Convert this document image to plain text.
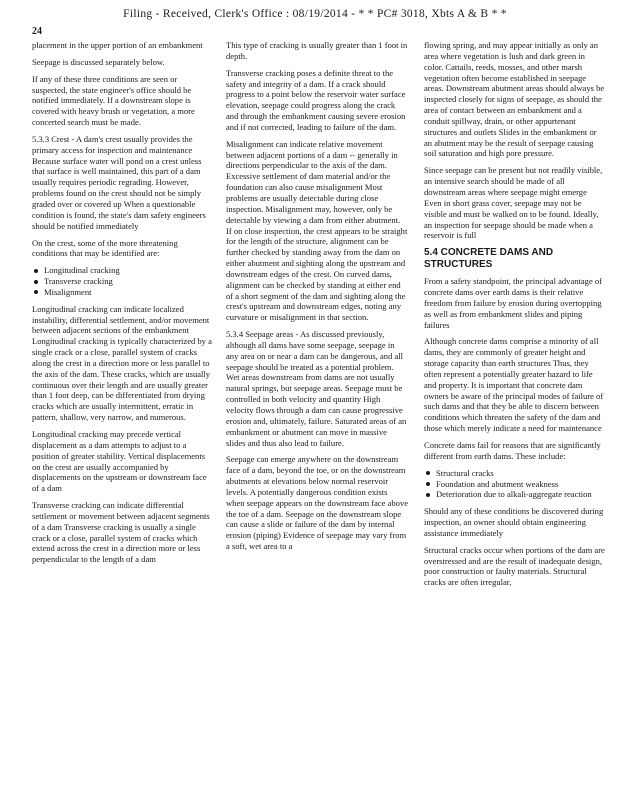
Filing - Received, Clerk's Office : 08/19/2014 - * * PC# 3018, Xbts A & B * *
24

placement in the upper portion of an embankment

Seepage is discussed separately below.

If any of these three conditions are seen or suspected, the state engineer's office should be notified immediately. If a downstream slope is covered with heavy brush or vegetation, a more concerted search must be made.

5.3.3 Crest - A dam's crest usually provides the primary access for inspection and maintenance Because surface water will pond on a crest unless that surface is well maintained, this part of a dam usually requires periodic regrading. However, problems found on the crest should not be simply graded over or covered up When a questionable condition is found, the state's dam safety engineers should be notified immediately

On the crest, some of the more threatening conditions that may be identified are:

Longitudinal cracking
Transverse cracking
Misalignment

Longitudinal cracking can indicate localized instability, differential settlement, and/or movement between adjacent sections of the embankment Longitudinal cracking is typically characterized by a single crack or a close, parallel system of cracks along the crest in a direction more or less parallel to the axis of the dam. These cracks, which are usually continuous over their length and are usually greater than 1 foot deep, can be differentiated from drying cracks which are usually intermittent, erratic in pattern, shallow, very narrow, and numerous.

Longitudinal cracking may precede vertical displacement as a dam attempts to adjust to a position of greater stability. Vertical displacements on the crest are usually accompanied by displacements on the upstream or downstream face of a dam

Transverse cracking can indicate differential settlement or movement between adjacent segments of a dam Transverse cracking is usually a single crack or a close, parallel system of cracks which extend across the crest in a direction more or less perpendicular to the length of a dam

This type of cracking is usually greater than 1 foot in depth.

Transverse cracking poses a definite threat to the safety and integrity of a dam. If a crack should progress to a point below the reservoir water surface elevation, seepage could progress along the crack and through the embankment causing severe erosion and if not corrected, leading to failure of the dam.

Misalignment can indicate relative movement between adjacent portions of a dam -- generally in directions perpendicular to the axis of the dam. Excessive settlement of dam material and/or the foundation can also cause misalignment Most problems are usually detectable during close inspection. Misalignment may, however, only be detectable by viewing a dam from either abutment. If on close inspection, the crest appears to be straight for the length of the structure, alignment can be further checked by standing away from the dam on either abutment and sighting along the upstream and downstream edges of the crest. On curved dams, alignment can be checked by standing at either end of a short segment of the dam and sighting along the crest's upstream and downstream edges, noting any curvature or misalignment in that section.

5.3.4 Seepage areas - As discussed previously, although all dams have some seepage, seepage in any area on or near a dam can be dangerous, and all seepage should be treated as a potential problem. Wet areas downstream from dams are not usually natural springs, but seepage areas. Seepage must be controlled in both velocity and quantity High velocity flows through a dam can cause progressive erosion and, ultimately, failure. Saturated areas of an embankment or abutment can move in massive slides and thus also lead to failure.

Seepage can emerge anywhere on the downstream face of a dam, beyond the toe, or on the downstream abutments at elevations below normal reservoir levels. A potentially dangerous condition exists when seepage appears on the downstream face above the toe of a dam. Seepage on the downstream slope can cause a slide or failure of the dam by internal erosion (piping) Evidence of seepage may vary from a soft, wet area to a

flowing spring, and may appear initially as only an area where vegetation is lush and dark green in color. Cattails, reeds, mosses, and other marsh vegetation often become established in seepage areas. Downstream abutment areas should always be inspected closely for signs of seepage, as should the area of contact between an embankment and a conduit spillway, drain, or other appurtenant structures and outlets Slides in the embankment or an abutment may be the result of seepage causing soil saturation and high pore pressure.

Since seepage can be present but not readily visible, an intensive search should be made of all downstream areas where seepage might emerge Even in short grass cover, seepage may not be visible and must be walked on to be found. Ideally, an inspection for seepage should be made when a reservoir is full

5.4 CONCRETE DAMS AND STRUCTURES

From a safety standpoint, the principal advantage of concrete dams over earth dams is their relative freedom from failure by erosion during overtopping as well as from embankment slides and piping failures

Although concrete dams comprise a minority of all dams, they are commonly of greater height and storage capacity than earth structures Thus, they often represent a potentially greater hazard to life and property. It is important that concrete dam owners be aware of the principal modes of failure of such dams and that they be able to discern between conditions which threaten the safety of the dam and those which merely indicate a need for maintenance

Concrete dams fail for reasons that are significantly different from earth dams. These include:

Structural cracks
Foundation and abutment weakness
Deterioration due to alkali-aggregate reaction

Should any of these conditions be discovered during inspection, an owner should obtain engineering assistance immediately

Structural cracks occur when portions of the dam are overstressed and are the result of inadequate design, poor construction or faulty materials. Structural cracks are often irregular,
